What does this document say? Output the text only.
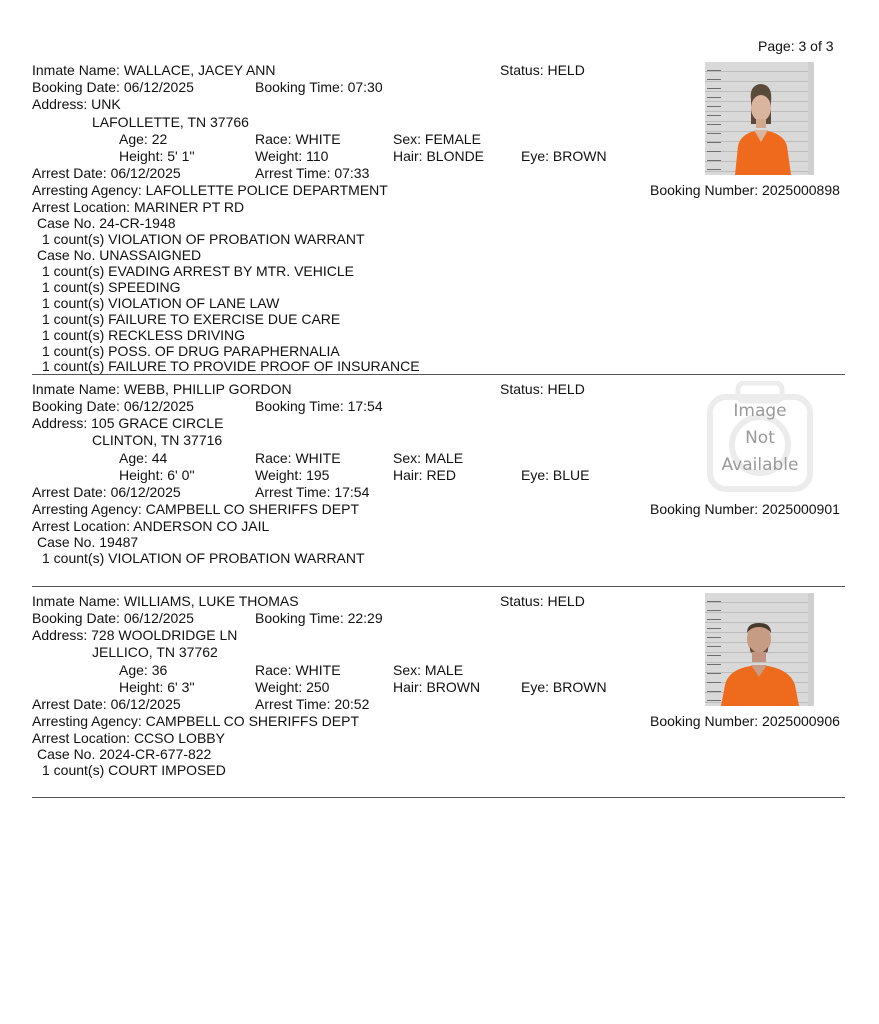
Page: 3 of 3
Inmate Name: WALLACE, JACEY ANN	Status: HELD
Booking Date: 06/12/2025	Booking Time: 07:30
Address: UNK
LAFOLLETTE, TN 37766
Age: 22	Race: WHITE	Sex: FEMALE
Height: 5' 1''	Weight: 110	Hair: BLONDE	Eye: BROWN
Arrest Date: 06/12/2025	Arrest Time: 07:33
Arresting Agency: LAFOLLETTE POLICE DEPARTMENT	Booking Number: 2025000898
Arrest Location: MARINER PT RD
Case No. 24-CR-1948
1 count(s) VIOLATION OF PROBATION WARRANT
Case No. UNASSAIGNED
1 count(s) EVADING ARREST BY MTR. VEHICLE
1 count(s) SPEEDING
1 count(s) VIOLATION OF LANE LAW
1 count(s) FAILURE TO EXERCISE DUE CARE
1 count(s) RECKLESS DRIVING
1 count(s) POSS. OF DRUG PARAPHERNALIA
1 count(s) FAILURE TO PROVIDE PROOF OF INSURANCE
Inmate Name: WEBB, PHILLIP GORDON	Status: HELD
Booking Date: 06/12/2025	Booking Time: 17:54
Address: 105 GRACE CIRCLE
CLINTON, TN 37716
Age: 44	Race: WHITE	Sex: MALE
Height: 6' 0''	Weight: 195	Hair: RED	Eye: BLUE
Arrest Date: 06/12/2025	Arrest Time: 17:54
Arresting Agency: CAMPBELL CO SHERIFFS DEPT	Booking Number: 2025000901
Arrest Location: ANDERSON CO JAIL
Case No. 19487
1 count(s) VIOLATION OF PROBATION WARRANT
Image
Not
Available
Inmate Name: WILLIAMS, LUKE THOMAS	Status: HELD
Booking Date: 06/12/2025	Booking Time: 22:29
Address: 728 WOOLDRIDGE LN
JELLICO, TN 37762
Age: 36	Race: WHITE	Sex: MALE
Height: 6' 3''	Weight: 250	Hair: BROWN	Eye: BROWN
Arrest Date: 06/12/2025	Arrest Time: 20:52
Arresting Agency: CAMPBELL CO SHERIFFS DEPT	Booking Number: 2025000906
Arrest Location: CCSO LOBBY
Case No. 2024-CR-677-822
1 count(s) COURT IMPOSED
